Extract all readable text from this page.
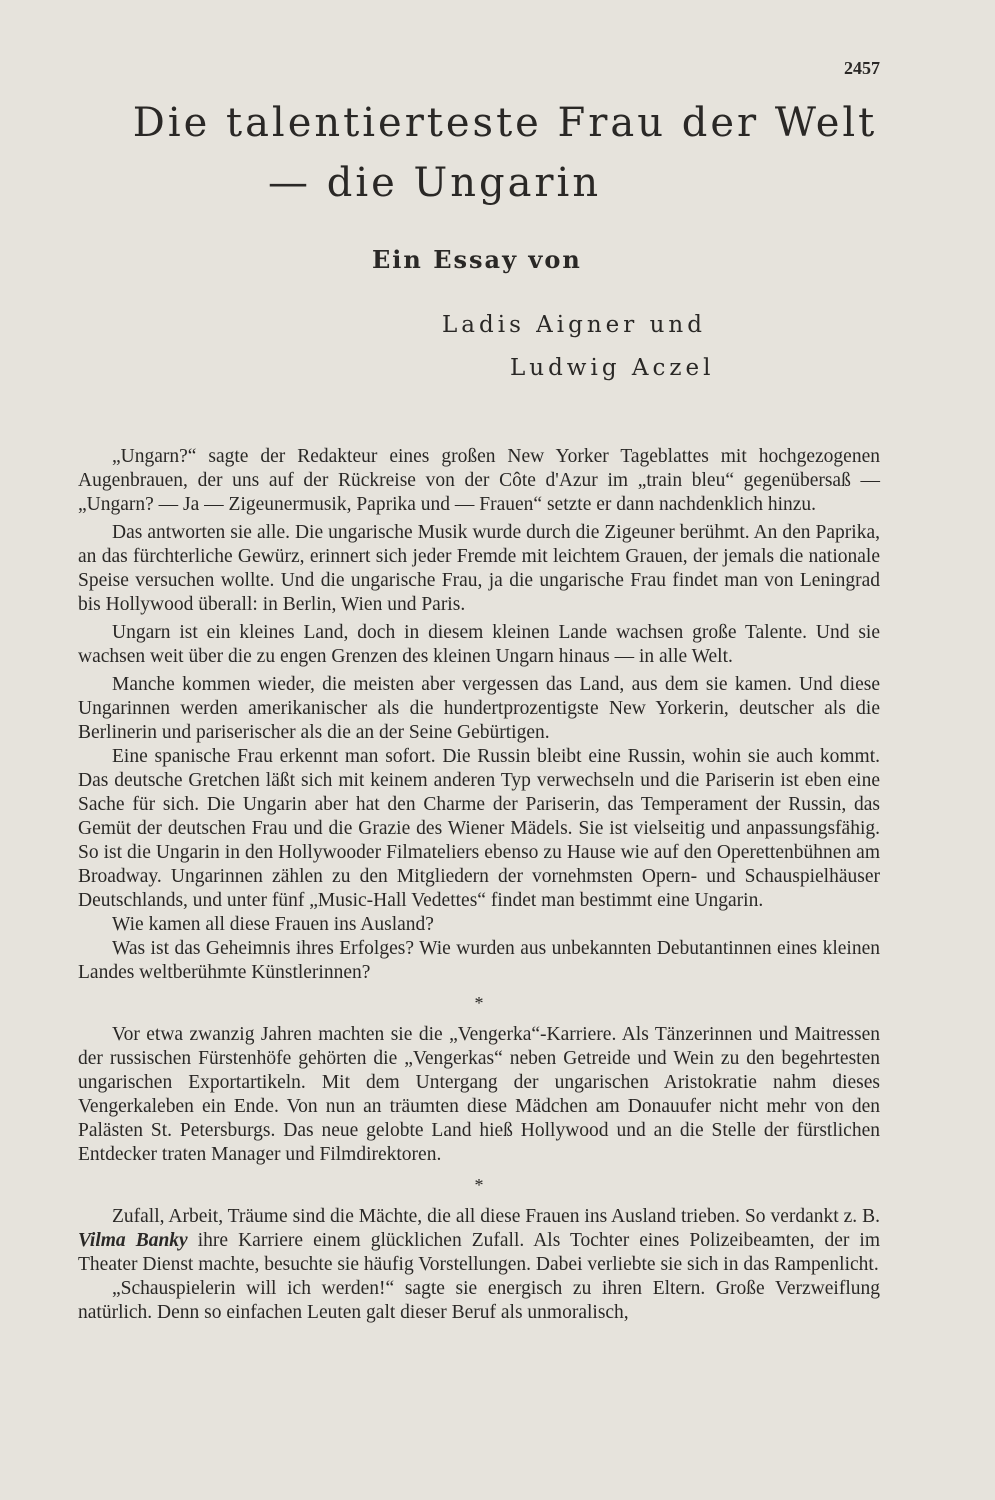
2457
Die talentierteste Frau der Welt
— die Ungarin
Ein Essay von
Ladis Aigner und
Ludwig Aczel

„Ungarn?“ sagte der Redakteur eines großen New Yorker Tageblattes mit hochgezogenen Augenbrauen, der uns auf der Rückreise von der Côte d'Azur im „train bleu“ gegenübersaß — „Ungarn? — Ja — Zigeunermusik, Paprika und — Frauen“ setzte er dann nachdenklich hinzu.

Das antworten sie alle. Die ungarische Musik wurde durch die Zigeuner berühmt. An den Paprika, an das fürchterliche Gewürz, erinnert sich jeder Fremde mit leichtem Grauen, der jemals die nationale Speise versuchen wollte. Und die ungarische Frau, ja die ungarische Frau findet man von Leningrad bis Hollywood überall: in Berlin, Wien und Paris.

Ungarn ist ein kleines Land, doch in diesem kleinen Lande wachsen große Talente. Und sie wachsen weit über die zu engen Grenzen des kleinen Ungarn hinaus — in alle Welt.

Manche kommen wieder, die meisten aber vergessen das Land, aus dem sie kamen. Und diese Ungarinnen werden amerikanischer als die hundertprozentigste New Yorkerin, deutscher als die Berlinerin und pariserischer als die an der Seine Gebürtigen.

Eine spanische Frau erkennt man sofort. Die Russin bleibt eine Russin, wohin sie auch kommt. Das deutsche Gretchen läßt sich mit keinem anderen Typ verwechseln und die Pariserin ist eben eine Sache für sich. Die Ungarin aber hat den Charme der Pariserin, das Temperament der Russin, das Gemüt der deutschen Frau und die Grazie des Wiener Mädels. Sie ist vielseitig und anpassungsfähig. So ist die Ungarin in den Hollywooder Filmateliers ebenso zu Hause wie auf den Operettenbühnen am Broadway. Ungarinnen zählen zu den Mitgliedern der vornehmsten Opern- und Schauspielhäuser Deutschlands, und unter fünf „Music-Hall Vedettes“ findet man bestimmt eine Ungarin.

Wie kamen all diese Frauen ins Ausland?

Was ist das Geheimnis ihres Erfolges? Wie wurden aus unbekannten Debutantinnen eines kleinen Landes weltberühmte Künstlerinnen?

*

Vor etwa zwanzig Jahren machten sie die „Vengerka“-Karriere. Als Tänzerinnen und Maitressen der russischen Fürstenhöfe gehörten die „Vengerkas“ neben Getreide und Wein zu den begehrtesten ungarischen Exportartikeln. Mit dem Untergang der ungarischen Aristokratie nahm dieses Vengerkaleben ein Ende. Von nun an träumten diese Mädchen am Donauufer nicht mehr von den Palästen St. Petersburgs. Das neue gelobte Land hieß Hollywood und an die Stelle der fürstlichen Entdecker traten Manager und Filmdirektoren.

*

Zufall, Arbeit, Träume sind die Mächte, die all diese Frauen ins Ausland trieben. So verdankt z. B. Vilma Banky ihre Karriere einem glücklichen Zufall. Als Tochter eines Polizeibeamten, der im Theater Dienst machte, besuchte sie häufig Vorstellungen. Dabei verliebte sie sich in das Rampenlicht.

„Schauspielerin will ich werden!“ sagte sie energisch zu ihren Eltern. Große Verzweiflung natürlich. Denn so einfachen Leuten galt dieser Beruf als unmoralisch,
